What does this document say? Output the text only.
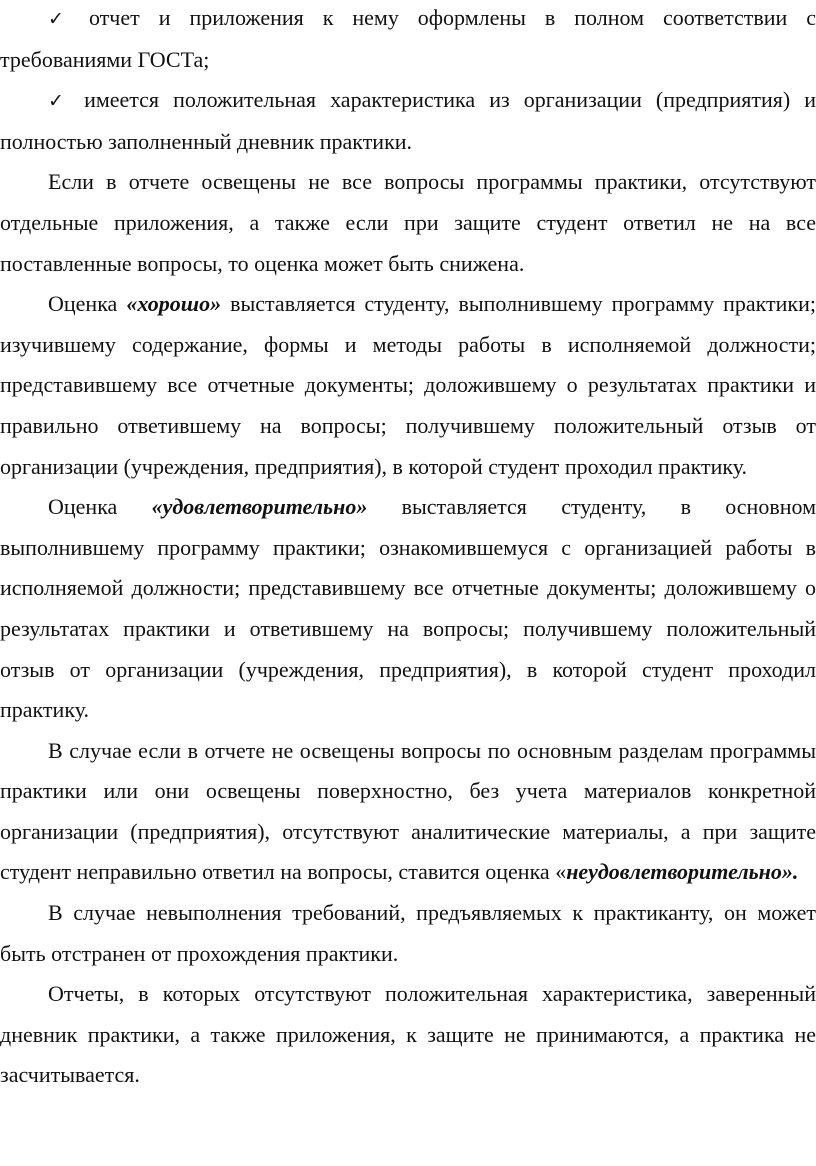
✓ отчет и приложения к нему оформлены в полном соответствии с требованиями ГОСТа;

✓ имеется положительная характеристика из организации (предприятия) и полностью заполненный дневник практики.

Если в отчете освещены не все вопросы программы практики, отсутствуют отдельные приложения, а также если при защите студент ответил не на все поставленные вопросы, то оценка может быть снижена.

Оценка «хорошо» выставляется студенту, выполнившему программу практики; изучившему содержание, формы и методы работы в исполняемой должности; представившему все отчетные документы; доложившему о результатах практики и правильно ответившему на вопросы; получившему положительный отзыв от организации (учреждения, предприятия), в которой студент проходил практику.

Оценка «удовлетворительно» выставляется студенту, в основном выполнившему программу практики; ознакомившемуся с организацией работы в исполняемой должности; представившему все отчетные документы; доложившему о результатах практики и ответившему на вопросы; получившему положительный отзыв от организации (учреждения, предприятия), в которой студент проходил практику.

В случае если в отчете не освещены вопросы по основным разделам программы практики или они освещены поверхностно, без учета материалов конкретной организации (предприятия), отсутствуют аналитические материалы, а при защите студент неправильно ответил на вопросы, ставится оценка «неудовлетворительно».

В случае невыполнения требований, предъявляемых к практиканту, он может быть отстранен от прохождения практики.

Отчеты, в которых отсутствуют положительная характеристика, заверенный дневник практики, а также приложения, к защите не принимаются, а практика не засчитывается.
